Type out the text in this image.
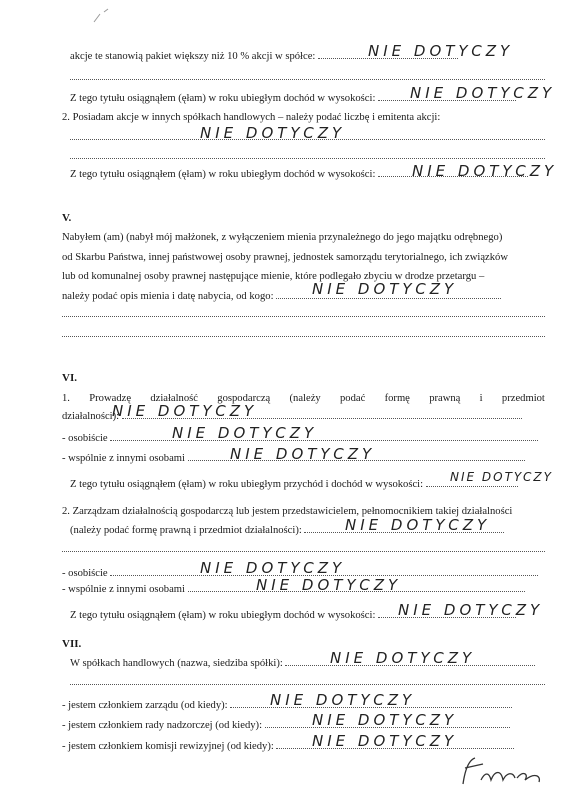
akcje te stanowią pakiet większy niż 10 % akcji w spółce:	NIE DOTYCZY
Z tego tytułu osiągnąłem (ęłam) w roku ubiegłym dochód w wysokości:	NIE DOTYCZY
2. Posiadam akcje w innych spółkach handlowych – należy podać liczbę i emitenta akcji:
NIE DOTYCZY
Z tego tytułu osiągnąłem (ęłam) w roku ubiegłym dochód w wysokości:	NIE DOTYCZY
V.
Nabyłem (am) (nabył mój małżonek, z wyłączeniem mienia przynależnego do jego majątku odrębnego)
od Skarbu Państwa, innej państwowej osoby prawnej, jednostek samorządu terytorialnego, ich związków
lub od komunalnej osoby prawnej następujące mienie, które podlegało zbyciu w drodze przetargu –
należy podać opis mienia i datę nabycia, od kogo:	NIE DOTYCZY
VI.
1. Prowadzę działalność gospodarczą (należy podać formę prawną i przedmiot
działalności):
NIE DOTYCZY
- osobiście	NIE DOTYCZY
- wspólnie z innymi osobami	NIE DOTYCZY
Z tego tytułu osiągnąłem (ęłam) w roku ubiegłym przychód i dochód w wysokości:
NIE DOTYCZY
2. Zarządzam działalnością gospodarczą lub jestem przedstawicielem, pełnomocnikiem takiej działalności
(należy podać formę prawną i przedmiot działalności):	NIE DOTYCZY
- osobiście	NIE DOTYCZY
- wspólnie z innymi osobami	NIE DOTYCZY
Z tego tytułu osiągnąłem (ęłam) w roku ubiegłym dochód w wysokości:	NIE DOTYCZY
VII.
W spółkach handlowych (nazwa, siedziba spółki):	NIE DOTYCZY
- jestem członkiem zarządu (od kiedy):	NIE DOTYCZY
- jestem członkiem rady nadzorczej (od kiedy):	NIE DOTYCZY
- jestem członkiem komisji rewizyjnej (od kiedy):	NIE DOTYCZY
